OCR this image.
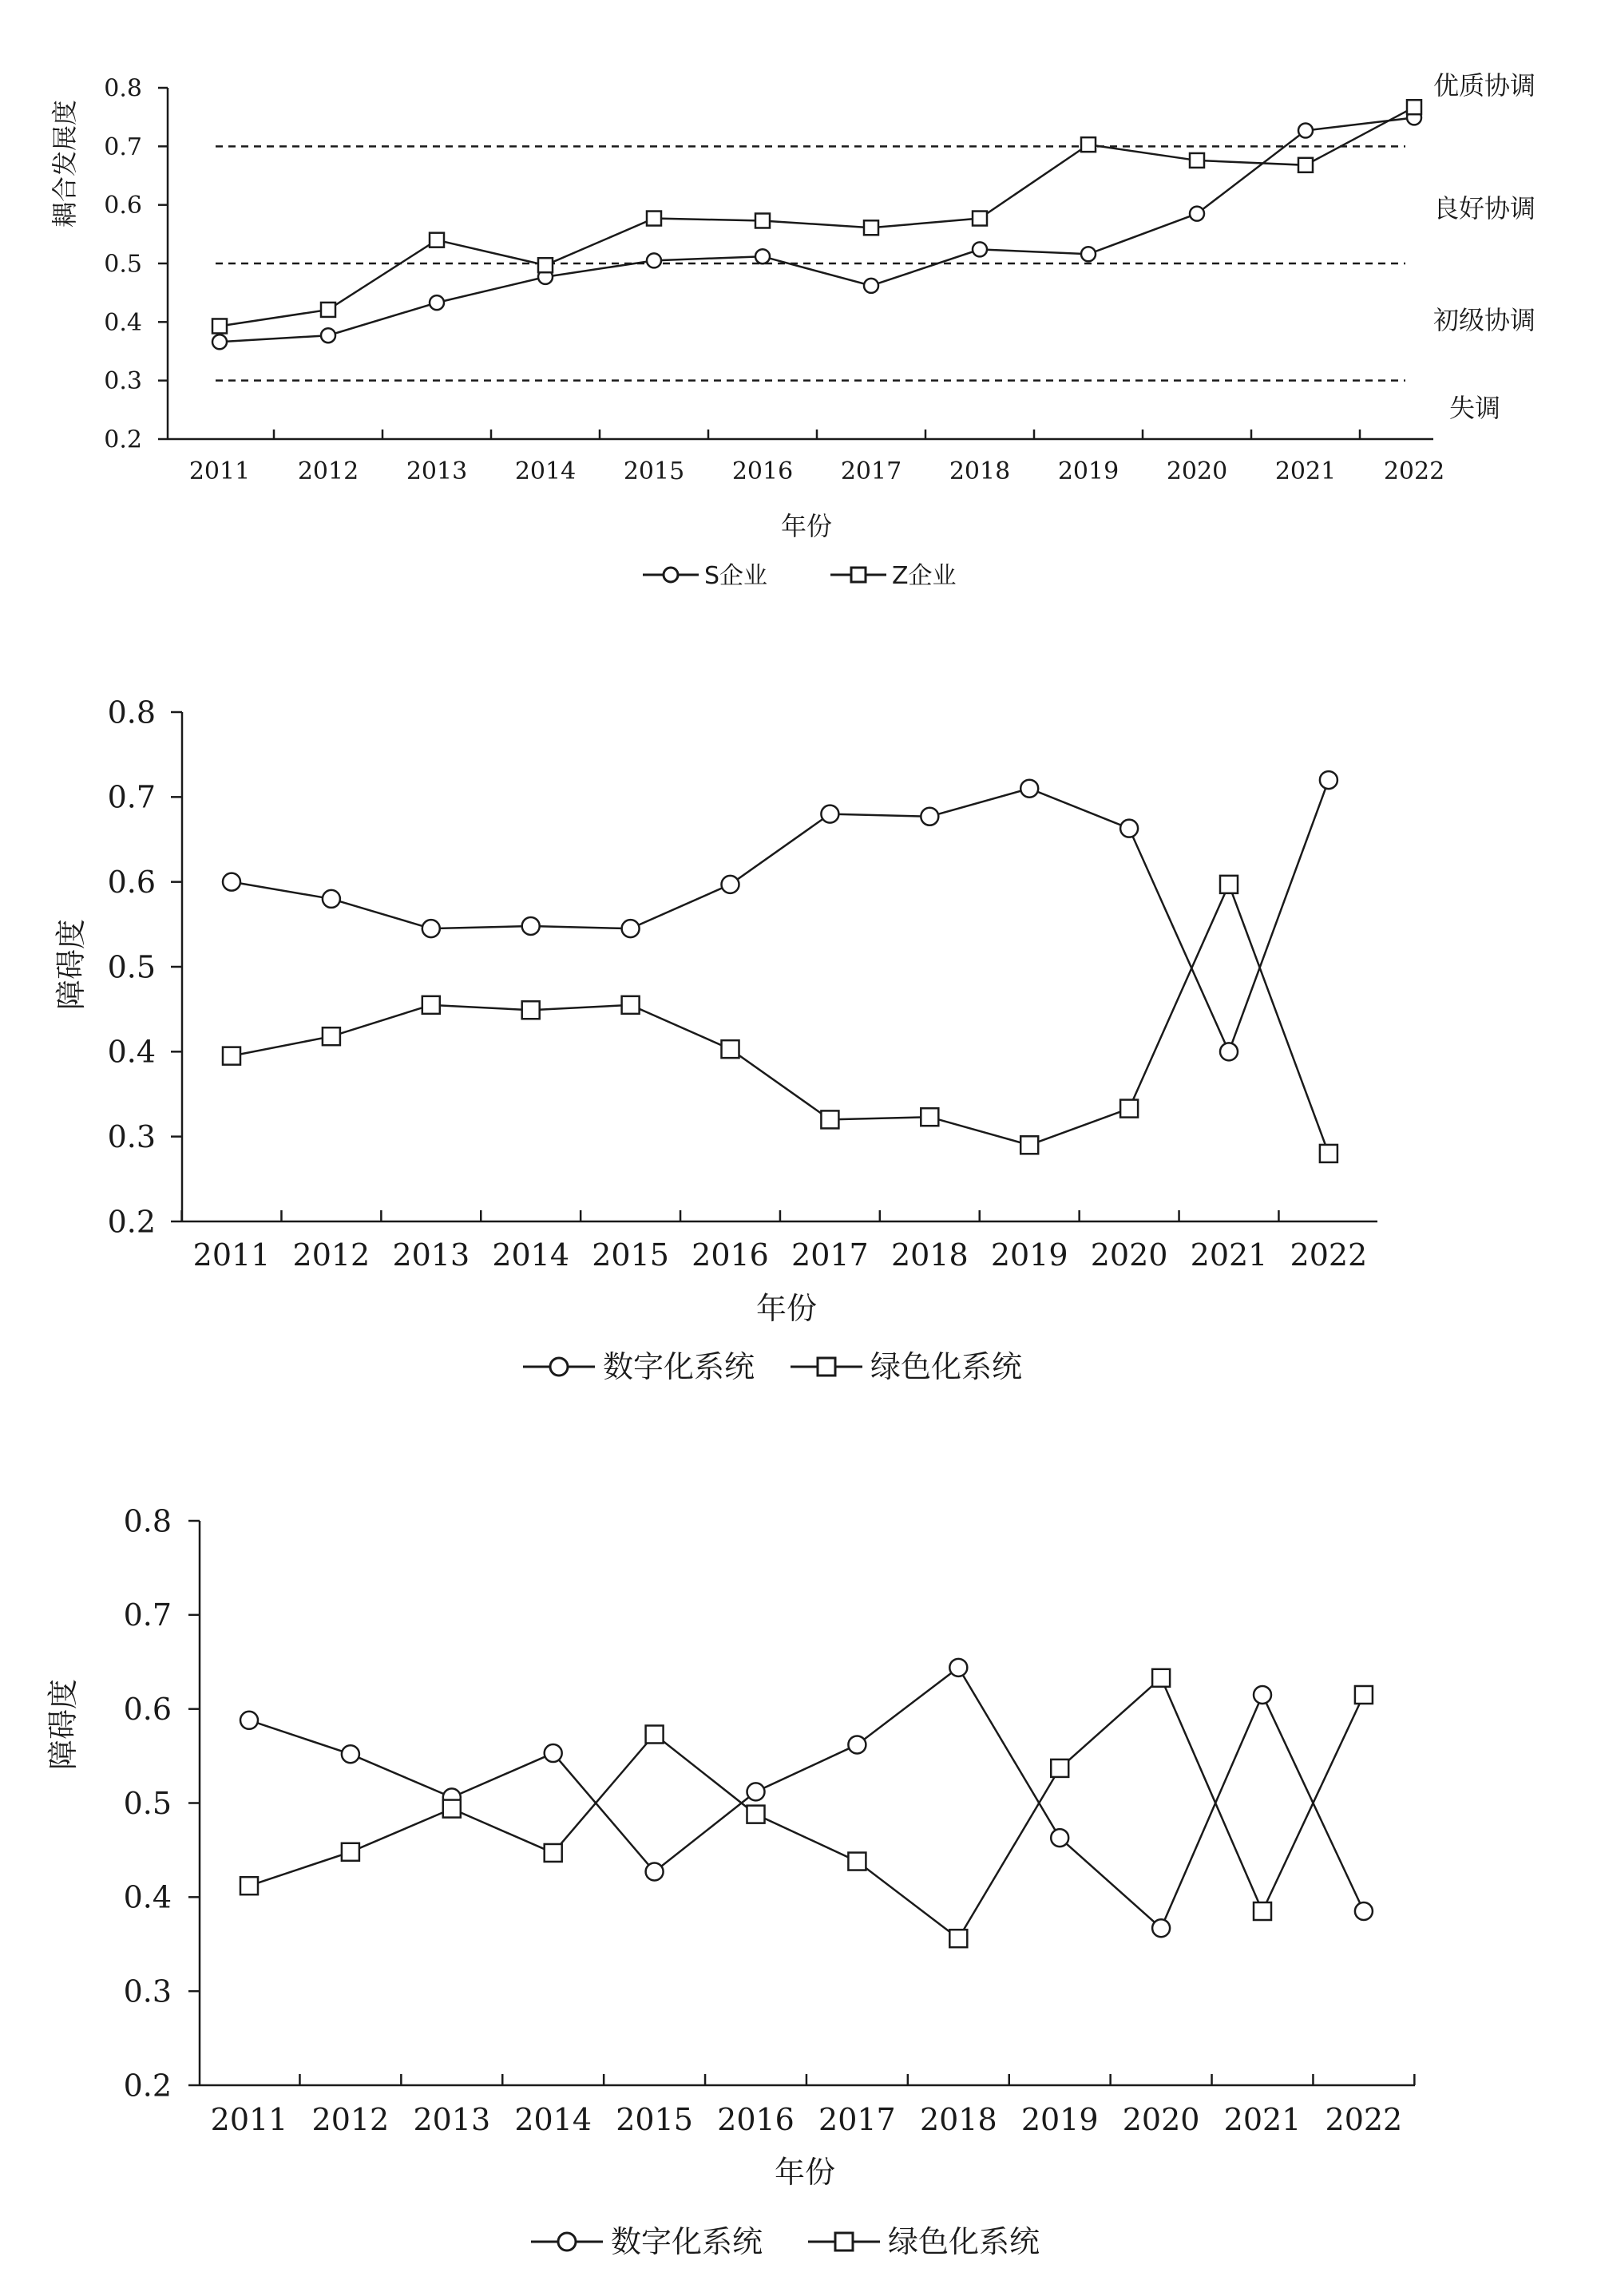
0.2
0.3
0.4
0.5
0.6
0.7
0.8
2011 2012 2013 2014 2015 2016 2017 2018 2019 2020 2021 2022
耦合发展度
年份
优质协调
良好协调
初级协调
失调
S企业	Z企业
0.2
0.3
0.4
0.5
0.6
0.7
0.8
2011 2012 2013 2014 2015 2016 2017 2018 2019 2020 2021 2022
障碍度
年份
数字化系统	绿色化系统
0.2
0.3
0.4
0.5
0.6
0.7
0.8
2011 2012 2013 2014 2015 2016 2017 2018 2019 2020 2021 2022
障碍度
年份
数字化系统	绿色化系统
